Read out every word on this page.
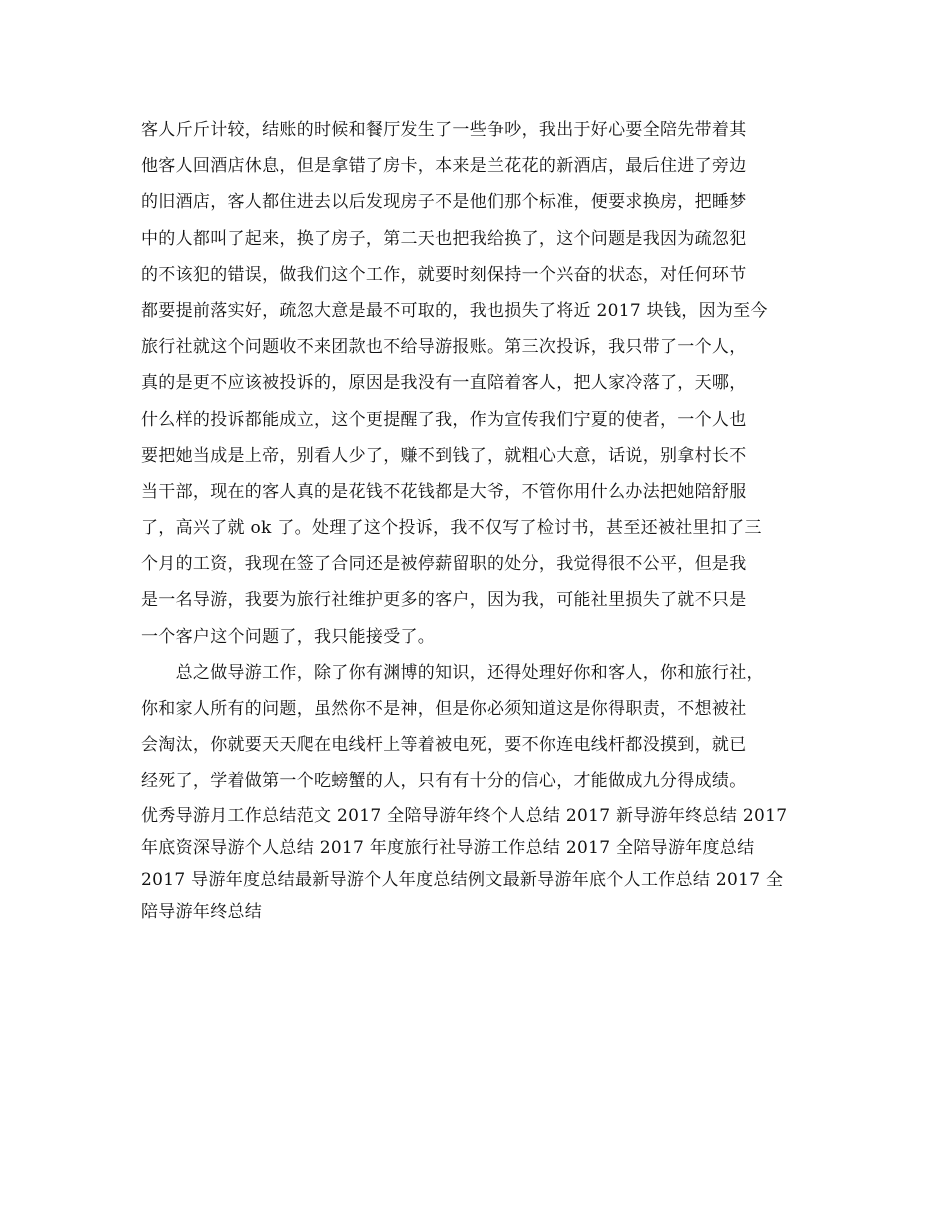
客人斤斤计较，结账的时候和餐厅发生了一些争吵，我出于好心要全陪先带着其
他客人回酒店休息，但是拿错了房卡，本来是兰花花的新酒店，最后住进了旁边
的旧酒店，客人都住进去以后发现房子不是他们那个标准，便要求换房，把睡梦
中的人都叫了起来，换了房子，第二天也把我给换了，这个问题是我因为疏忽犯
的不该犯的错误，做我们这个工作，就要时刻保持一个兴奋的状态，对任何环节
都要提前落实好，疏忽大意是最不可取的，我也损失了将近 2017 块钱，因为至今
旅行社就这个问题收不来团款也不给导游报账。第三次投诉，我只带了一个人，
真的是更不应该被投诉的，原因是我没有一直陪着客人，把人家冷落了，天哪，
什么样的投诉都能成立，这个更提醒了我，作为宣传我们宁夏的使者，一个人也
要把她当成是上帝，别看人少了，赚不到钱了，就粗心大意，话说，别拿村长不
当干部，现在的客人真的是花钱不花钱都是大爷，不管你用什么办法把她陪舒服
了，高兴了就 ok 了。处理了这个投诉，我不仅写了检讨书，甚至还被社里扣了三
个月的工资，我现在签了合同还是被停薪留职的处分，我觉得很不公平，但是我
是一名导游，我要为旅行社维护更多的客户，因为我，可能社里损失了就不只是
一个客户这个问题了，我只能接受了。
　　总之做导游工作，除了你有渊博的知识，还得处理好你和客人，你和旅行社，
你和家人所有的问题，虽然你不是神，但是你必须知道这是你得职责，不想被社
会淘汰，你就要天天爬在电线杆上等着被电死，要不你连电线杆都没摸到，就已
经死了，学着做第一个吃螃蟹的人，只有有十分的信心，才能做成九分得成绩。
优秀导游月工作总结范文 2017 全陪导游年终个人总结 2017 新导游年终总结 2017
年底资深导游个人总结 2017 年度旅行社导游工作总结 2017 全陪导游年度总结
2017 导游年度总结最新导游个人年度总结例文最新导游年底个人工作总结 2017 全
陪导游年终总结
